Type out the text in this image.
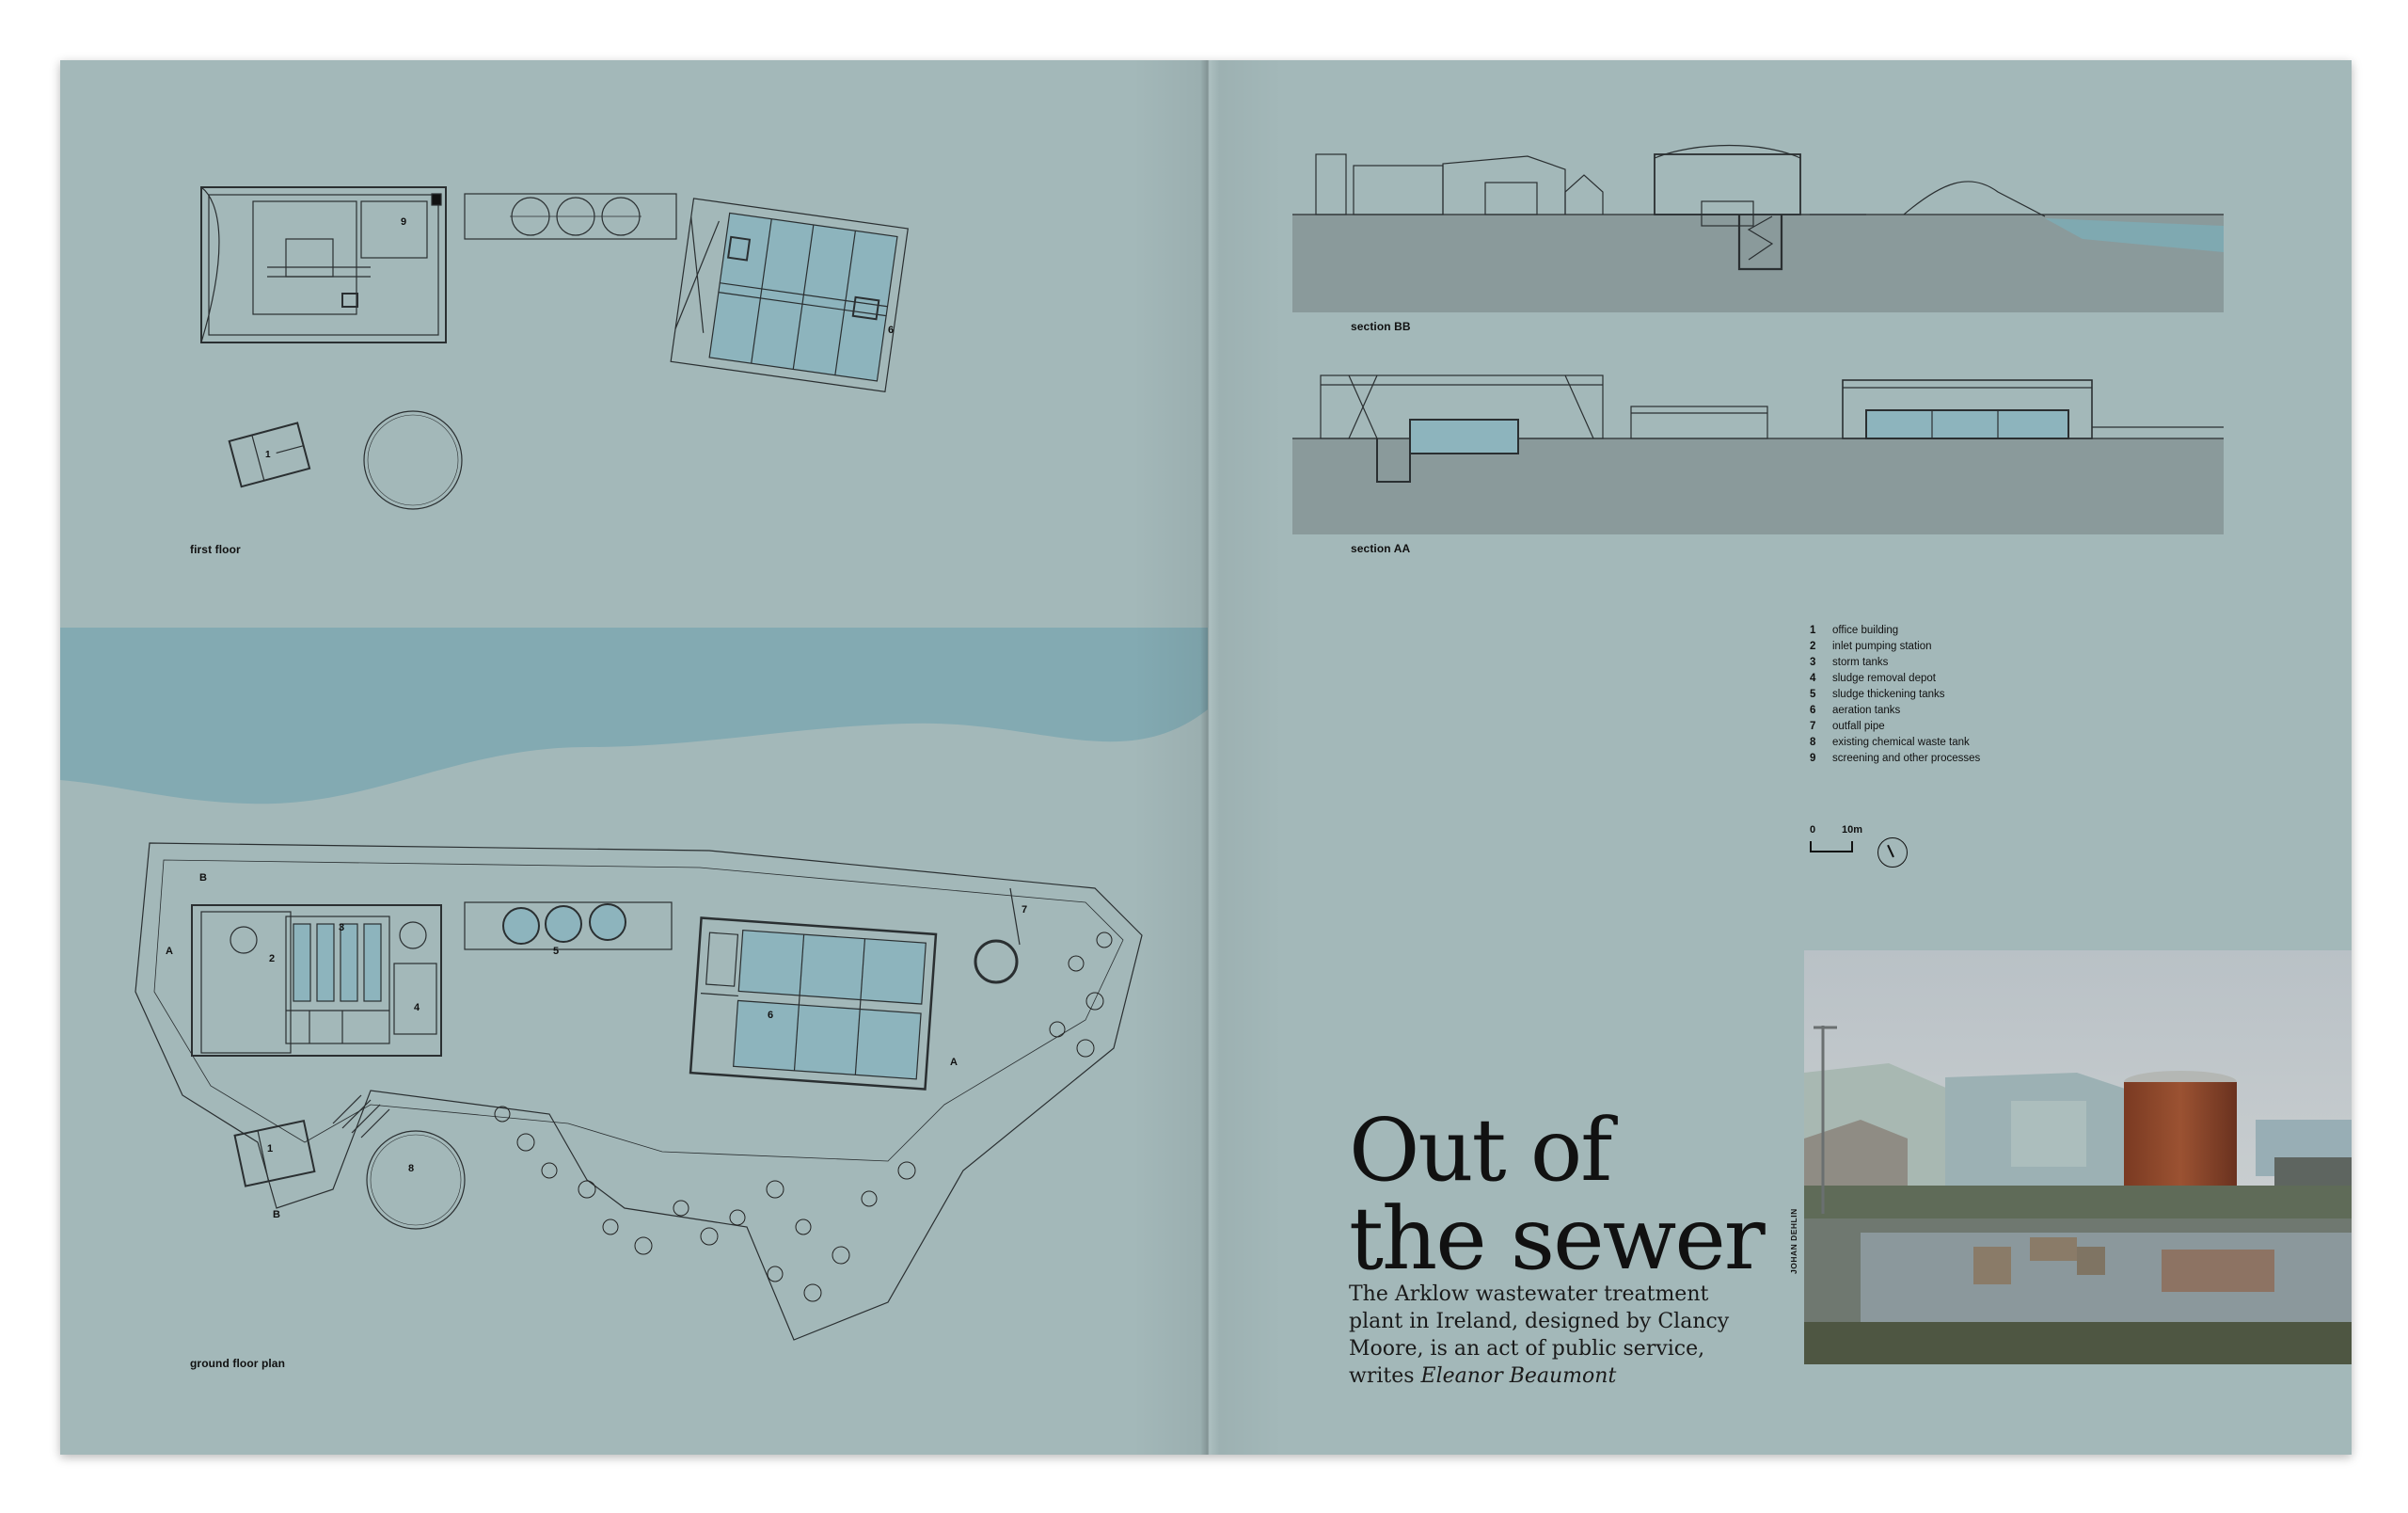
9
6
1
2
3
4
5
6
7
8
1
A
A
B
B
first floor
ground floor plan
section BB
section AA
1	office building
2	inlet pumping station
3	storm tanks
4	sludge removal depot
5	sludge thickening tanks
6	aeration tanks
7	outfall pipe
8	existing chemical waste tank
9	screening and other processes
0	10m
Out of
the sewer

The Arklow wastewater treatment plant in Ireland, designed by Clancy Moore, is an act of public service, writes Eleanor Beaumont

JOHAN DEHLIN
